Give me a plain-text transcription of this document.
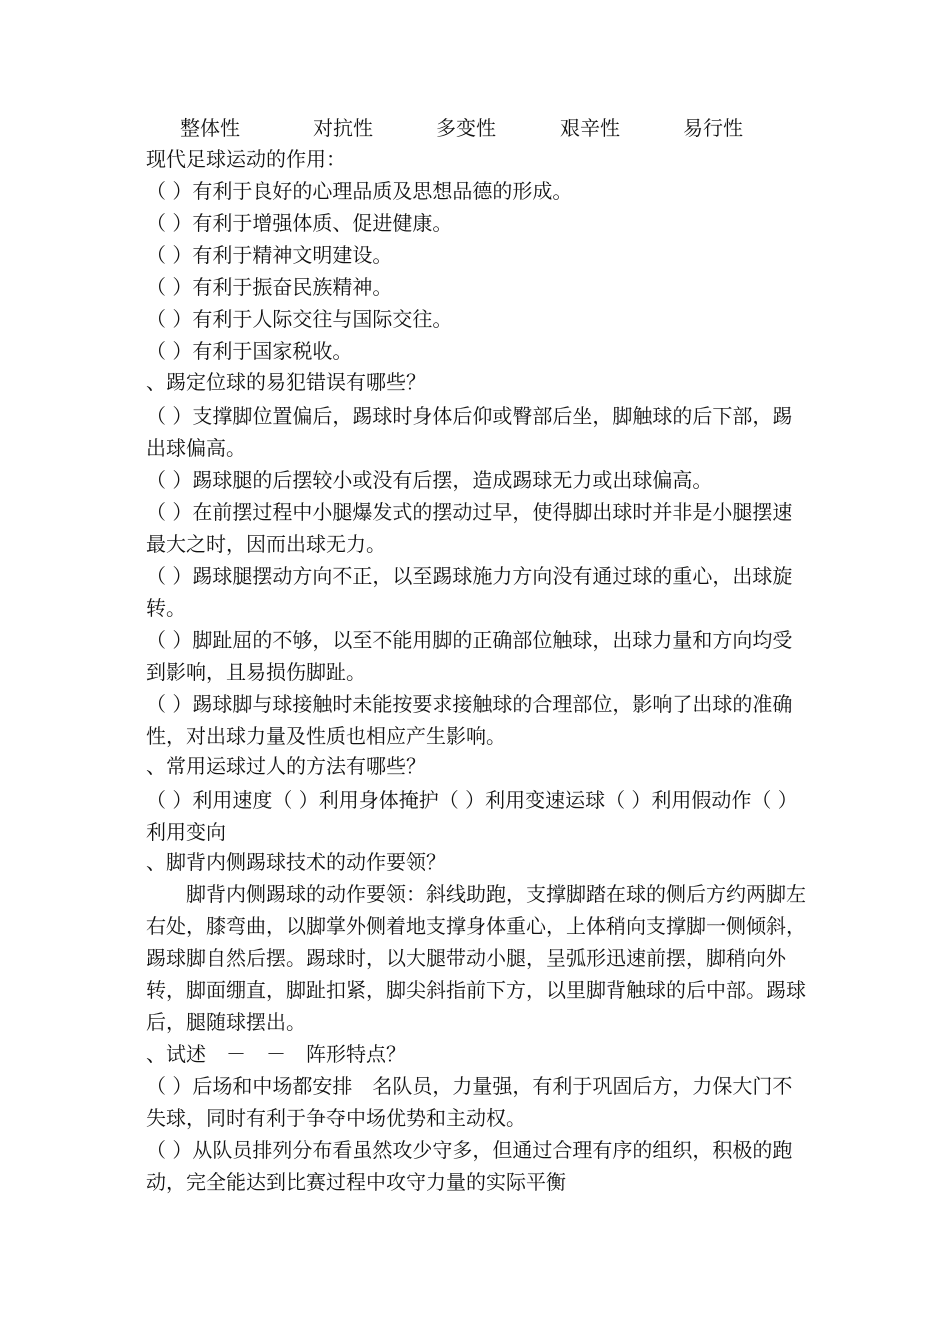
整体性	对抗性	多变性	艰辛性	易行性
现代足球运动的作用：
（ ）有利于良好的心理品质及思想品德的形成。
（ ）有利于增强体质、促进健康。
（ ）有利于精神文明建设。
（ ）有利于振奋民族精神。
（ ）有利于人际交往与国际交往。
（ ）有利于国家税收。
、踢定位球的易犯错误有哪些？
（ ）支撑脚位置偏后，踢球时身体后仰或臀部后坐，脚触球的后下部，踢出球偏高。
（ ）踢球腿的后摆较小或没有后摆，造成踢球无力或出球偏高。
（ ）在前摆过程中小腿爆发式的摆动过早，使得脚出球时并非是小腿摆速最大之时，因而出球无力。
（ ）踢球腿摆动方向不正，以至踢球施力方向没有通过球的重心，出球旋转。
（ ）脚趾屈的不够，以至不能用脚的正确部位触球，出球力量和方向均受到影响，且易损伤脚趾。
（ ）踢球脚与球接触时未能按要求接触球的合理部位，影响了出球的准确性，对出球力量及性质也相应产生影响。
、常用运球过人的方法有哪些？
（ ）利用速度（ ）利用身体掩护（ ）利用变速运球（ ）利用假动作（ ）利用变向
、脚背内侧踢球技术的动作要领？
脚背内侧踢球的动作要领：斜线助跑，支撑脚踏在球的侧后方约两脚左右处，膝弯曲，以脚掌外侧着地支撑身体重心，上体稍向支撑脚一侧倾斜，踢球脚自然后摆。踢球时，以大腿带动小腿，呈弧形迅速前摆，脚稍向外转，脚面绷直，脚趾扣紧，脚尖斜指前下方，以里脚背触球的后中部。踢球后，腿随球摆出。
、试述　－　－　阵形特点？
（ ）后场和中场都安排　名队员，力量强，有利于巩固后方，力保大门不失球，同时有利于争夺中场优势和主动权。
（ ）从队员排列分布看虽然攻少守多，但通过合理有序的组织，积极的跑动，完全能达到比赛过程中攻守力量的实际平衡
